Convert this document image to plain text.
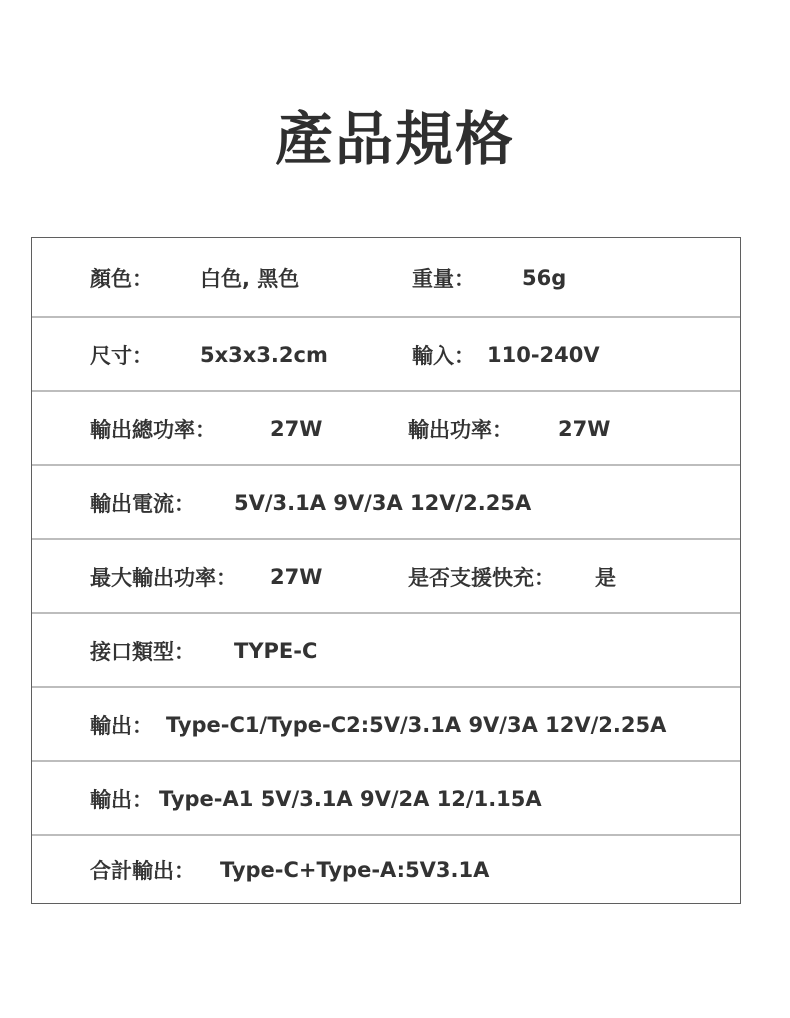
產品規格
顏色： 白色, 黑色	重量： 56g
尺寸： 5x3x3.2cm	輸入： 110-240V
輸出總功率：	27W	輸出功率： 27W
輸出電流： 5V/3.1A 9V/3A 12V/2.25A
最大輸出功率： 27W	是否支援快充： 是
接口類型： TYPE-C
輸出： Type-C1/Type-C2:5V/3.1A 9V/3A 12V/2.25A
輸出： Type-A1 5V/3.1A 9V/2A 12/1.15A
合計輸出： Type-C+Type-A:5V3.1A
